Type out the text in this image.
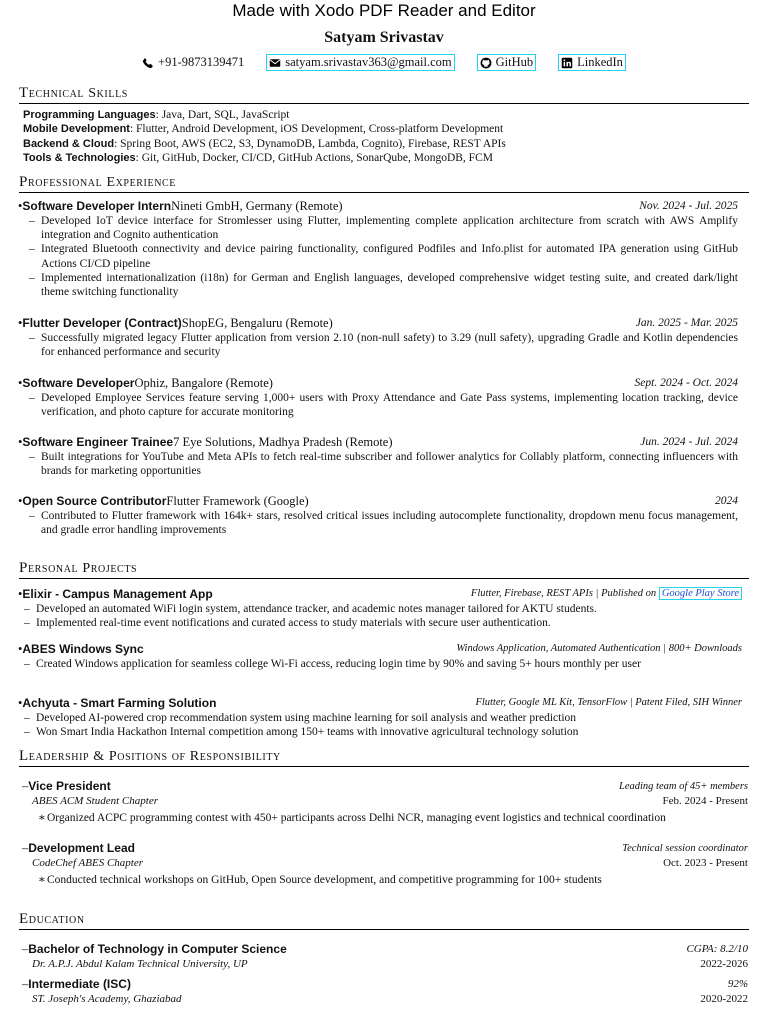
Made with Xodo PDF Reader and Editor
Satyam Srivastav
+91-9873139471	satyam.srivastav363@gmail.com	GitHub	LinkedIn
Technical Skills
Programming Languages: Java, Dart, SQL, JavaScript
Mobile Development: Flutter, Android Development, iOS Development, Cross-platform Development
Backend & Cloud: Spring Boot, AWS (EC2, S3, DynamoDB, Lambda, Cognito), Firebase, REST APIs
Tools & Technologies: Git, GitHub, Docker, CI/CD, GitHub Actions, SonarQube, MongoDB, FCM
Professional Experience
•Software Developer InternNineti GmbH, Germany (Remote)	Nov. 2024 - Jul. 2025
– Developed IoT device interface for Stromlesser using Flutter, implementing complete application architecture from scratch with AWS Amplify integration and Cognito authentication
– Integrated Bluetooth connectivity and device pairing functionality, configured Podfiles and Info.plist for automated IPA generation using GitHub Actions CI/CD pipeline
– Implemented internationalization (i18n) for German and English languages, developed comprehensive widget testing suite, and created dark/light theme switching functionality
•Flutter Developer (Contract)ShopEG, Bengaluru (Remote)	Jan. 2025 - Mar. 2025
– Successfully migrated legacy Flutter application from version 2.10 (non-null safety) to 3.29 (null safety), upgrading Gradle and Kotlin dependencies for enhanced performance and security
•Software DeveloperOphiz, Bangalore (Remote)	Sept. 2024 - Oct. 2024
– Developed Employee Services feature serving 1,000+ users with Proxy Attendance and Gate Pass systems, implementing location tracking, device verification, and photo capture for accurate monitoring
•Software Engineer Trainee7 Eye Solutions, Madhya Pradesh (Remote)	Jun. 2024 - Jul. 2024
– Built integrations for YouTube and Meta APIs to fetch real-time subscriber and follower analytics for Collably platform, connecting influencers with brands for marketing opportunities
•Open Source ContributorFlutter Framework (Google)	2024
– Contributed to Flutter framework with 164k+ stars, resolved critical issues including autocomplete functionality, dropdown menu focus management, and gradle error handling improvements
Personal Projects
•Elixir - Campus Management App	Flutter, Firebase, REST APIs | Published on Google Play Store
– Developed an automated WiFi login system, attendance tracker, and academic notes manager tailored for AKTU students.
– Implemented real-time event notifications and curated access to study materials with secure user authentication.
•ABES Windows Sync	Windows Application, Automated Authentication | 800+ Downloads
– Created Windows application for seamless college Wi-Fi access, reducing login time by 90% and saving 5+ hours monthly per user
•Achyuta - Smart Farming Solution	Flutter, Google ML Kit, TensorFlow | Patent Filed, SIH Winner
– Developed AI-powered crop recommendation system using machine learning for soil analysis and weather prediction
– Won Smart India Hackathon Internal competition among 150+ teams with innovative agricultural technology solution
Leadership & Positions of Responsibility
–Vice President	Leading team of 45+ members
ABES ACM Student Chapter	Feb. 2024 - Present
∗ Organized ACPC programming contest with 450+ participants across Delhi NCR, managing event logistics and technical coordination
–Development Lead	Technical session coordinator
CodeChef ABES Chapter	Oct. 2023 - Present
∗ Conducted technical workshops on GitHub, Open Source development, and competitive programming for 100+ students
Education
–Bachelor of Technology in Computer Science	CGPA: 8.2/10
Dr. A.P.J. Abdul Kalam Technical University, UP	2022-2026
–Intermediate (ISC)	92%
ST. Joseph's Academy, Ghaziabad	2020-2022
